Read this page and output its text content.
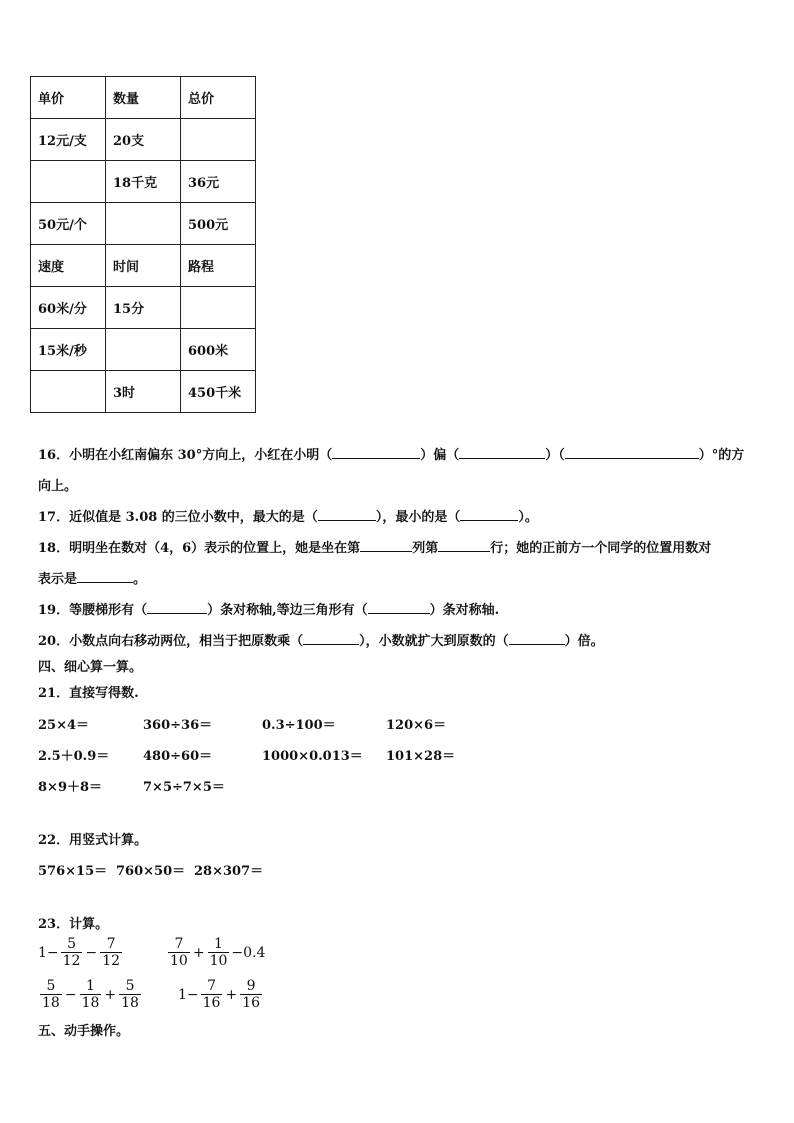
单价	数量	总价
12元/支	20支	
	18千克	36元
50元/个		500元
速度	时间	路程
60米/分	15分	
15米/秒		600米
	3时	450千米
16．小明在小红南偏东 30°方向上，小红在小明（	）偏（	）（	）°的方
向上。
17．近似值是 3.08 的三位小数中，最大的是（	），最小的是（	）。
18．明明坐在数对（4，6）表示的位置上，她是坐在第	列第	行；她的正前方一个同学的位置用数对
表示是	。
19．等腰梯形有（	）条对称轴,等边三角形有（	）条对称轴.
20．小数点向右移动两位，相当于把原数乘（	），小数就扩大到原数的（	）倍。
四、细心算一算。
21．直接写得数.
25×4＝	360÷36＝	0.3÷100＝	120×6＝
2.5＋0.9＝	480÷60＝	1000×0.013＝ 101×28＝
8×9＋8＝	7×5÷7×5＝
22．用竖式计算。
576×15＝ 760×50＝ 28×307＝
23．计算。
$1- \frac{5}{12} - \frac{7}{12}$	$\frac{7}{10} + \frac{1}{10} -0.4$
$\frac{5}{18} - \frac{1}{18} + \frac{5}{18}$	$1- \frac{7}{16} + \frac{9}{16}$
五、动手操作。
